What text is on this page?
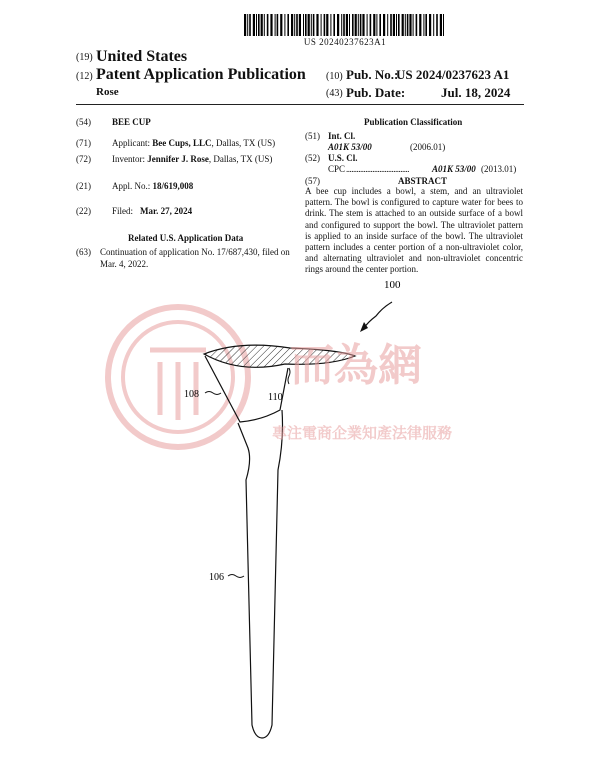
US 20240237623A1
(19) United States
(12) Patent Application Publication
Rose
(10) Pub. No.:
US 2024/0237623 A1
(43) Pub. Date:	Jul. 18, 2024
(54) BEE CUP
(71) Applicant: Bee Cups, LLC, Dallas, TX (US)
(72) Inventor: Jennifer J. Rose, Dallas, TX (US)
(21) Appl. No.: 18/619,008
(22) Filed: Mar. 27, 2024
Related U.S. Application Data
(63) Continuation of application No. 17/687,430, filed on Mar. 4, 2022.
Publication Classification
(51) Int. Cl.
A01K 53/00	(2006.01)
(52) U.S. Cl.
CPC ....................................	A01K 53/00 (2013.01)
(57)	ABSTRACT
A bee cup includes a bowl, a stem, and an ultraviolet pattern. The bowl is configured to capture water for bees to drink. The stem is attached to an outside surface of a bowl and configured to support the bowl. The ultraviolet pattern is applied to an inside surface of the bowl. The ultraviolet pattern includes a center portion of a non-ultraviolet color, and alternating ultraviolet and non-ultraviolet concentric rings around the center portion.
而為網
專注電商企業知產法律服務
100
108	110
106
